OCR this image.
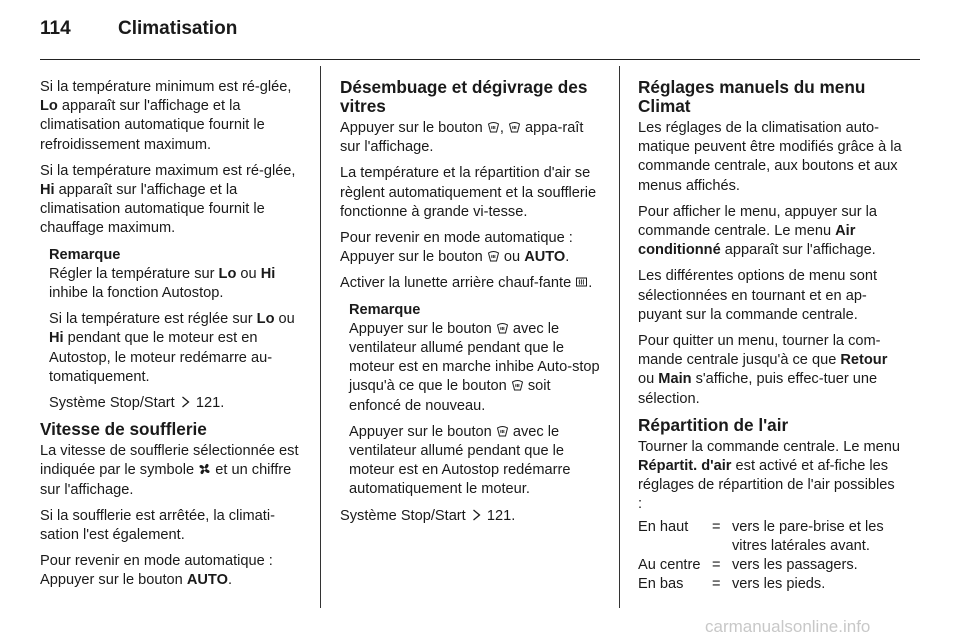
114 Climatisation

Si la température minimum est ré-glée, Lo apparaît sur l'affichage et la climatisation automatique fournit le refroidissement maximum.

Si la température maximum est ré-glée, Hi apparaît sur l'affichage et la climatisation automatique fournit le chauffage maximum.

Remarque

Régler la température sur Lo ou Hi inhibe la fonction Autostop.

Si la température est réglée sur Lo ou Hi pendant que le moteur est en Autostop, le moteur redémarre au-tomatiquement.

Système Stop/Start
121.

Vitesse de soufflerie

La vitesse de soufflerie sélectionnée est indiquée par le symbole
et un chiffre sur l'affichage.

Si la soufflerie est arrêtée, la climati-sation l'est également.

Pour revenir en mode automatique : Appuyer sur le bouton AUTO.

Désembuage et dégivrage des vitres

Appuyer sur le bouton
,
appa-raît sur l'affichage.

La température et la répartition d'air se règlent automatiquement et la soufflerie fonctionne à grande vi-tesse.

Pour revenir en mode automatique : Appuyer sur le bouton
ou AUTO.

Activer la lunette arrière chauf-fante
.

Remarque

Appuyer sur le bouton
avec le ventilateur allumé pendant que le moteur est en marche inhibe Auto-stop jusqu'à ce que le bouton
soit enfoncé de nouveau.

Appuyer sur le bouton
avec le ventilateur allumé pendant que le moteur est en Autostop redémarre automatiquement le moteur.

Système Stop/Start
121.

Réglages manuels du menu Climat

Les réglages de la climatisation auto-matique peuvent être modifiés grâce à la commande centrale, aux boutons et aux menus affichés.

Pour afficher le menu, appuyer sur la commande centrale. Le menu Air conditionné apparaît sur l'affichage.

Les différentes options de menu sont sélectionnées en tournant et en ap-puyant sur la commande centrale.

Pour quitter un menu, tourner la com-mande centrale jusqu'à ce que Retour ou Main s'affiche, puis effec-tuer une sélection.

Répartition de l'air

Tourner la commande centrale. Le menu Répartit. d'air est activé et af-fiche les réglages de répartition de l'air possibles :

En haut	=	vers le pare-brise et les vitres latérales avant.
Au centre	=	vers les passagers.
En bas	=	vers les pieds.
carmanualsonline.info
